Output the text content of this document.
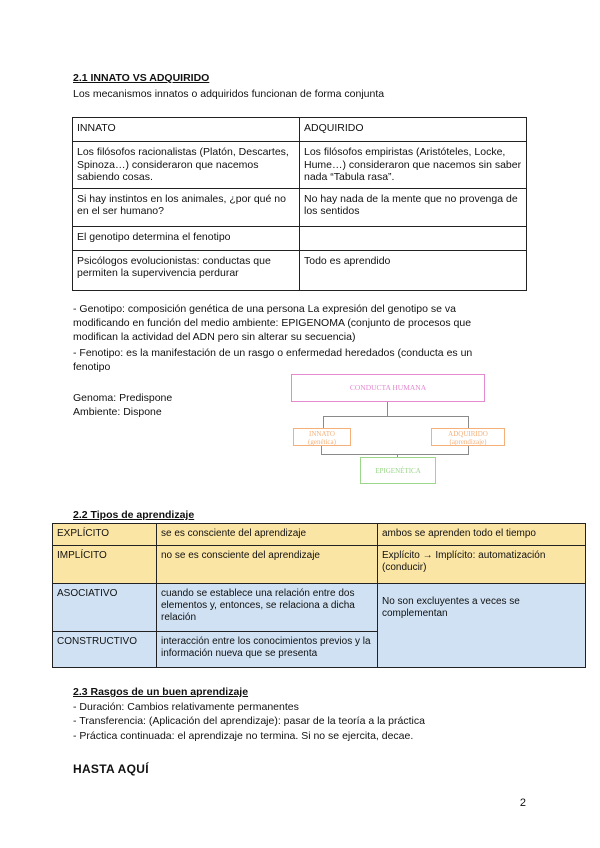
2.1 INNATO VS ADQUIRIDO
Los mecanismos innatos o adquiridos funcionan de forma conjunta
INNATO	ADQUIRIDO
Los filósofos racionalistas (Platón, Descartes, Spinoza…) consideraron que nacemos sabiendo cosas.	Los filósofos empiristas (Aristóteles, Locke, Hume…) consideraron que nacemos sin saber nada “Tabula rasa”.
Si hay instintos en los animales, ¿por qué no en el ser humano?	No hay nada de la mente que no provenga de los sentidos
El genotipo determina el fenotipo	
Psicólogos evolucionistas: conductas que permiten la supervivencia perdurar	Todo es aprendido
- Genotipo: composición genética de una persona La expresión del genotipo se va
modificando en función del medio ambiente: EPIGENOMA (conjunto de procesos que
modifican la actividad del ADN pero sin alterar su secuencia)
- Fenotipo: es la manifestación de un rasgo o enfermedad heredados (conducta es un
fenotipo
Genoma: Predispone
Ambiente: Dispone
CONDUCTA HUMANA
INNATO
(genética)
ADQUIRIDO
(aprendizaje)
EPIGENÉTICA
2.2 Tipos de aprendizaje
EXPLÍCITO	se es consciente del aprendizaje	ambos se aprenden todo el tiempo
IMPLÍCITO	no se es consciente del aprendizaje	Explícito → Implícito: automatización (conducir)
ASOCIATIVO	cuando se establece una relación entre dos elementos y, entonces, se relaciona a dicha relación	No son excluyentes a veces se complementan
CONSTRUCTIVO	interacción entre los conocimientos previos y la información nueva que se presenta	
2.3 Rasgos de un buen aprendizaje
- Duración: Cambios relativamente permanentes
- Transferencia: (Aplicación del aprendizaje): pasar de la teoría a la práctica
- Práctica continuada: el aprendizaje no termina. Si no se ejercita, decae.
HASTA AQUÍ
2
